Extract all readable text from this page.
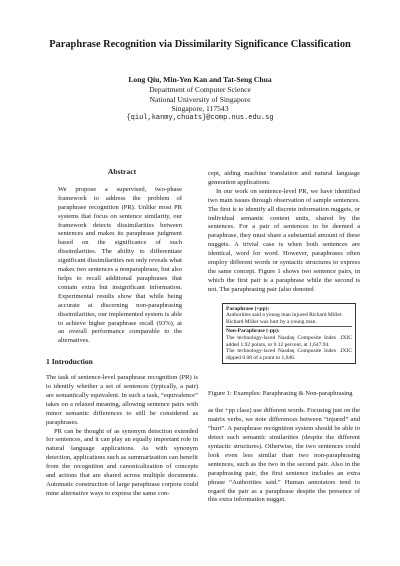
Paraphrase Recognition via Dissimilarity Significance Classification
Long Qiu, Min-Yen Kan and Tat-Seng Chua
Department of Computer Science
National University of Singapore
Singapore, 117543
{qiul,kanmy,chuats}@comp.nus.edu.sg
Abstract

We propose a supervised, two-phase framework to address the problem of paraphrase recognition (PR). Unlike most PR systems that focus on sentence similarity, our framework detects dissimilarities between sentences and makes its paraphrase judgment based on the significance of such dissimilarities. The ability to differentiate significant dissimilarities not only reveals what makes two sentences a nonparaphrase, but also helps to recall additional paraphrases that contain extra but insignificant information. Experimental results show that while being accurate at discerning non-paraphrasing dissimilarities, our implemented system is able to achieve higher paraphrase recall (93%), at an overall performance comparable to the alternatives.

1 Introduction

The task of sentence-level paraphrase recognition (PR) is to identify whether a set of sentences (typically, a pair) are semantically equivalent. In such a task, “equivalence” takes on a relaxed meaning, allowing sentence pairs with minor semantic differences to still be considered as paraphrases.

PR can be thought of as synonym detection extended for sentences, and it can play an equally important role in natural language applications. As with synonym detection, applications such as summarization can benefit from the recognition and canonicalization of concepts and actions that are shared across multiple documents. Automatic construction of large paraphrase corpora could mine alternative ways to express the same con-

cept, aiding machine translation and natural language generation applications.

In our work on sentence-level PR, we have identified two main issues through observation of sample sentences. The first is to identify all discrete information nuggets, or individual semantic content units, shared by the sentences. For a pair of sentences to be deemed a paraphrase, they must share a substantial amount of these nuggets. A trivial case is when both sentences are identical, word for word. However, paraphrases often employ different words or syntactic structures to express the same concept. Figure 1 shows two sentence pairs, in which the first pair is a paraphrase while the second is not. The paraphrasing pair (also denoted

Paraphrase (+pp):

Authorities said a young man injured Richard Miller.

Richard Miller was hurt by a young man.

Non-Paraphrase (-pp):

The technology-laced Nasdaq Composite Index .IXIC added 1.92 points, or 0.12 percent, at 1,647.94.

The technology-laced Nasdaq Composite Index .IXIC dipped 0.08 of a point to 1,646.

Figure 1: Examples: Paraphrasing & Non-paraphrasing

as the +pp class) use different words. Focusing just on the matrix verbs, we note differences between “injured” and “hurt”. A paraphrase recognition system should be able to detect such semantic similarities (despite the different syntactic structures). Otherwise, the two sentences could look even less similar than two non-paraphrasing sentences, such as the two in the second pair. Also in the paraphrasing pair, the first sentence includes an extra phrase “Authorities said.” Human annotators tend to regard the pair as a paraphrase despite the presence of this extra information nugget.
